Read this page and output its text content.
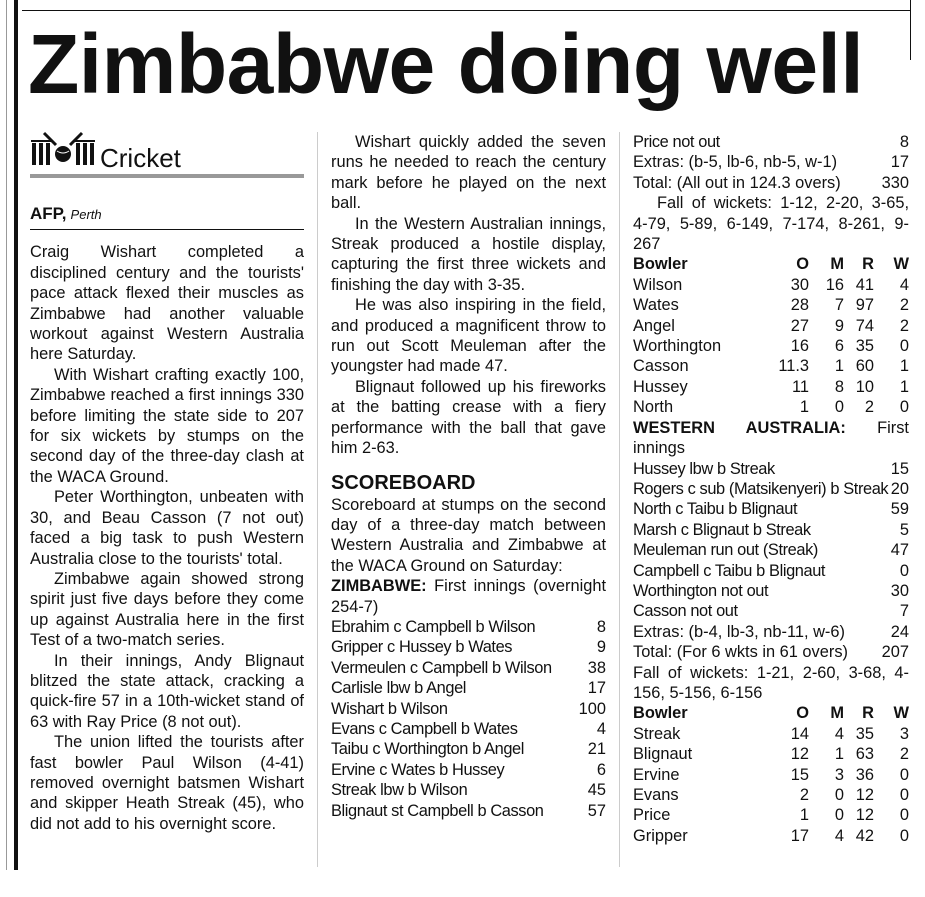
Zimbabwe doing well
Cricket
AFP, Perth

Craig Wishart completed a disciplined century and the tourists' pace attack flexed their muscles as Zimbabwe had another valuable workout against Western Australia here Saturday.

With Wishart crafting exactly 100, Zimbabwe reached a first innings 330 before limiting the state side to 207 for six wickets by stumps on the second day of the three-day clash at the WACA Ground.

Peter Worthington, unbeaten with 30, and Beau Casson (7 not out) faced a big task to push Western Australia close to the tourists' total.

Zimbabwe again showed strong spirit just five days before they come up against Australia here in the first Test of a two-match series.

In their innings, Andy Blignaut blitzed the state attack, cracking a quick-fire 57 in a 10th-wicket stand of 63 with Ray Price (8 not out).

The union lifted the tourists after fast bowler Paul Wilson (4-41) removed overnight batsmen Wishart and skipper Heath Streak (45), who did not add to his overnight score.

Wishart quickly added the seven runs he needed to reach the century mark before he played on the next ball.

In the Western Australian innings, Streak produced a hostile display, capturing the first three wickets and finishing the day with 3-35.

He was also inspiring in the field, and produced a magnificent throw to run out Scott Meuleman after the youngster had made 47.

Blignaut followed up his fireworks at the batting crease with a fiery performance with the ball that gave him 2-63.

SCOREBOARD

Scoreboard at stumps on the second day of a three-day match between Western Australia and Zimbabwe at the WACA Ground on Saturday:

ZIMBABWE: First innings (overnight 254-7)
Ebrahim c Campbell b Wilson	8
Gripper c Hussey b Wates	9
Vermeulen c Campbell b Wilson 38
Carlisle lbw b Angel	17
Wishart b Wilson	100
Evans c Campbell b Wates	4
Taibu c Worthington b Angel	21
Ervine c Wates b Hussey	6
Streak lbw b Wilson	45
Blignaut st Campbell b Casson	57
Price not out	8
Extras: (b-5, lb-6, nb-5, w-1)	17
Total: (All out in 124.3 overs) 330

Fall of wickets: 1-12, 2-20, 3-65, 4-79, 5-89, 6-149, 7-174, 8-261, 9-267

Bowler	O	M	R	W
Wilson	30	16	41	4
Wates	28	7	97	2
Angel	27	9	74	2
Worthington	16	6	35	0
Casson	11.3	1	60	1
Hussey	11	8	10	1
North	1	0	2	0
WESTERN AUSTRALIA: First innings
Hussey lbw b Streak	15
Rogers c sub (Matsikenyeri) b Streak 20
North c Taibu b Blignaut	59
Marsh c Blignaut b Streak	5
Meuleman run out (Streak)	47
Campbell c Taibu b Blignaut	0
Worthington not out	30
Casson not out	7
Extras: (b-4, lb-3, nb-11, w-6)	24
Total: (For 6 wkts in 61 overs) 207

Fall of wickets: 1-21, 2-60, 3-68, 4-156, 5-156, 6-156

Bowler	O	M	R	W
Streak	14	4	35	3
Blignaut	12	1	63	2
Ervine	15	3	36	0
Evans	2	0	12	0
Price	1	0	12	0
Gripper	17	4	42	0
